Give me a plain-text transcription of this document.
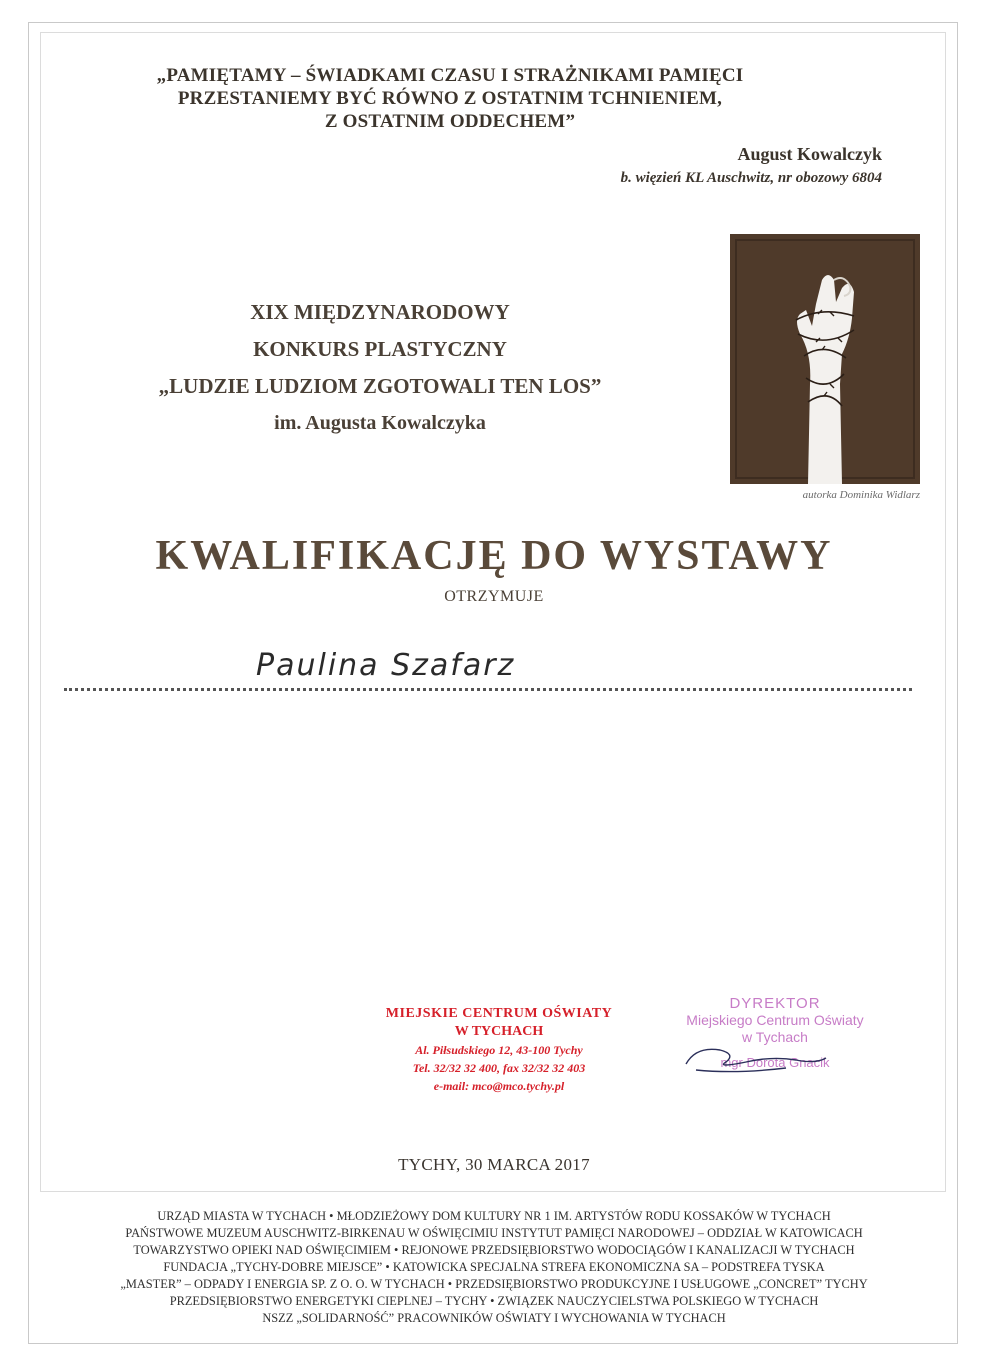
„PAMIĘTAMY – ŚWIADKAMI CZASU I STRAŻNIKAMI PAMIĘCI
PRZESTANIEMY BYĆ RÓWNO Z OSTATNIM TCHNIENIEM,
Z OSTATNIM ODDECHEM”
August Kowalczyk
b. więzień KL Auschwitz, nr obozowy 6804
XIX MIĘDZYNARODOWY
KONKURS PLASTYCZNY
„LUDZIE LUDZIOM ZGOTOWALI TEN LOS”
im. Augusta Kowalczyka
autorka Dominika Widlarz
KWALIFIKACJĘ DO WYSTAWY
OTRZYMUJE
Paulina Szafarz
MIEJSKIE CENTRUM OŚWIATY
W TYCHACH
Al. Piłsudskiego 12, 43-100 Tychy
Tel. 32/32 32 400, fax 32/32 32 403
e-mail: mco@mco.tychy.pl
DYREKTOR
Miejskiego Centrum Oświaty
w Tychach
mgr Dorota Gnacik
TYCHY, 30 MARCA 2017
URZĄD MIASTA W TYCHACH • MŁODZIEŻOWY DOM KULTURY NR 1 IM. ARTYSTÓW RODU KOSSAKÓW W TYCHACH
PAŃSTWOWE MUZEUM AUSCHWITZ-BIRKENAU W OŚWIĘCIMIU INSTYTUT PAMIĘCI NARODOWEJ – ODDZIAŁ W KATOWICACH
TOWARZYSTWO OPIEKI NAD OŚWIĘCIMIEM • REJONOWE PRZEDSIĘBIORSTWO WODOCIĄGÓW I KANALIZACJI W TYCHACH
FUNDACJA „TYCHY-DOBRE MIEJSCE” • KATOWICKA SPECJALNA STREFA EKONOMICZNA SA – PODSTREFA TYSKA
„MASTER” – ODPADY I ENERGIA SP. Z O. O. W TYCHACH • PRZEDSIĘBIORSTWO PRODUKCYJNE I USŁUGOWE „CONCRET” TYCHY
PRZEDSIĘBIORSTWO ENERGETYKI CIEPLNEJ – TYCHY • ZWIĄZEK NAUCZYCIELSTWA POLSKIEGO W TYCHACH
NSZZ „SOLIDARNOŚĆ” PRACOWNIKÓW OŚWIATY I WYCHOWANIA W TYCHACH
